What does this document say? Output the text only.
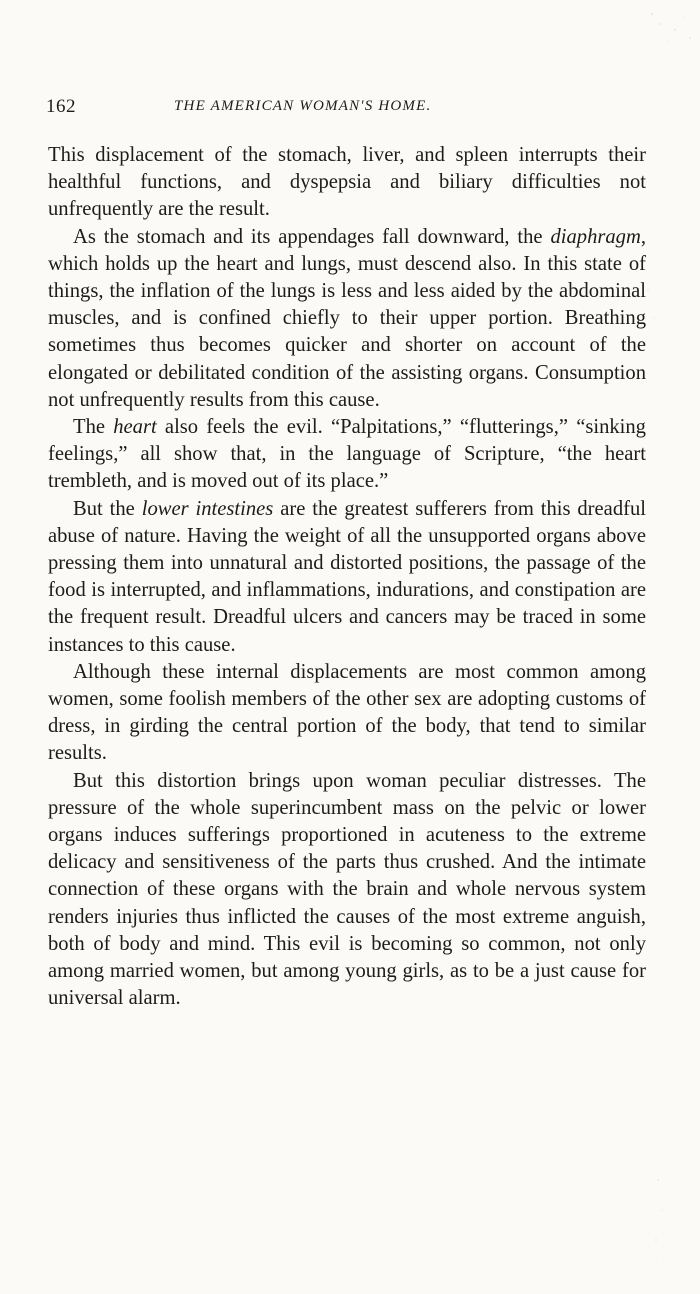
162	THE AMERICAN WOMAN'S HOME.

This displacement of the stomach, liver, and spleen interrupts their healthful functions, and dyspepsia and biliary difficulties not unfrequently are the result.

As the stomach and its appendages fall downward, the diaphragm, which holds up the heart and lungs, must descend also. In this state of things, the inflation of the lungs is less and less aided by the abdominal muscles, and is confined chiefly to their upper portion. Breathing sometimes thus becomes quicker and shorter on account of the elongated or debilitated condition of the assisting organs. Consumption not unfrequently results from this cause.

The heart also feels the evil. “Palpitations,” “flutterings,” “sinking feelings,” all show that, in the language of Scripture, “the heart trembleth, and is moved out of its place.”

But the lower intestines are the greatest sufferers from this dreadful abuse of nature. Having the weight of all the unsupported organs above pressing them into unnatural and distorted positions, the passage of the food is interrupted, and inflammations, indurations, and constipation are the frequent result. Dreadful ulcers and cancers may be traced in some instances to this cause.

Although these internal displacements are most common among women, some foolish members of the other sex are adopting customs of dress, in girding the central portion of the body, that tend to similar results.

But this distortion brings upon woman peculiar distresses. The pressure of the whole superincumbent mass on the pelvic or lower organs induces sufferings proportioned in acuteness to the extreme delicacy and sensitiveness of the parts thus crushed. And the intimate connection of these organs with the brain and whole nervous system renders injuries thus inflicted the causes of the most extreme anguish, both of body and mind. This evil is becoming so common, not only among married women, but among young girls, as to be a just cause for universal alarm.
